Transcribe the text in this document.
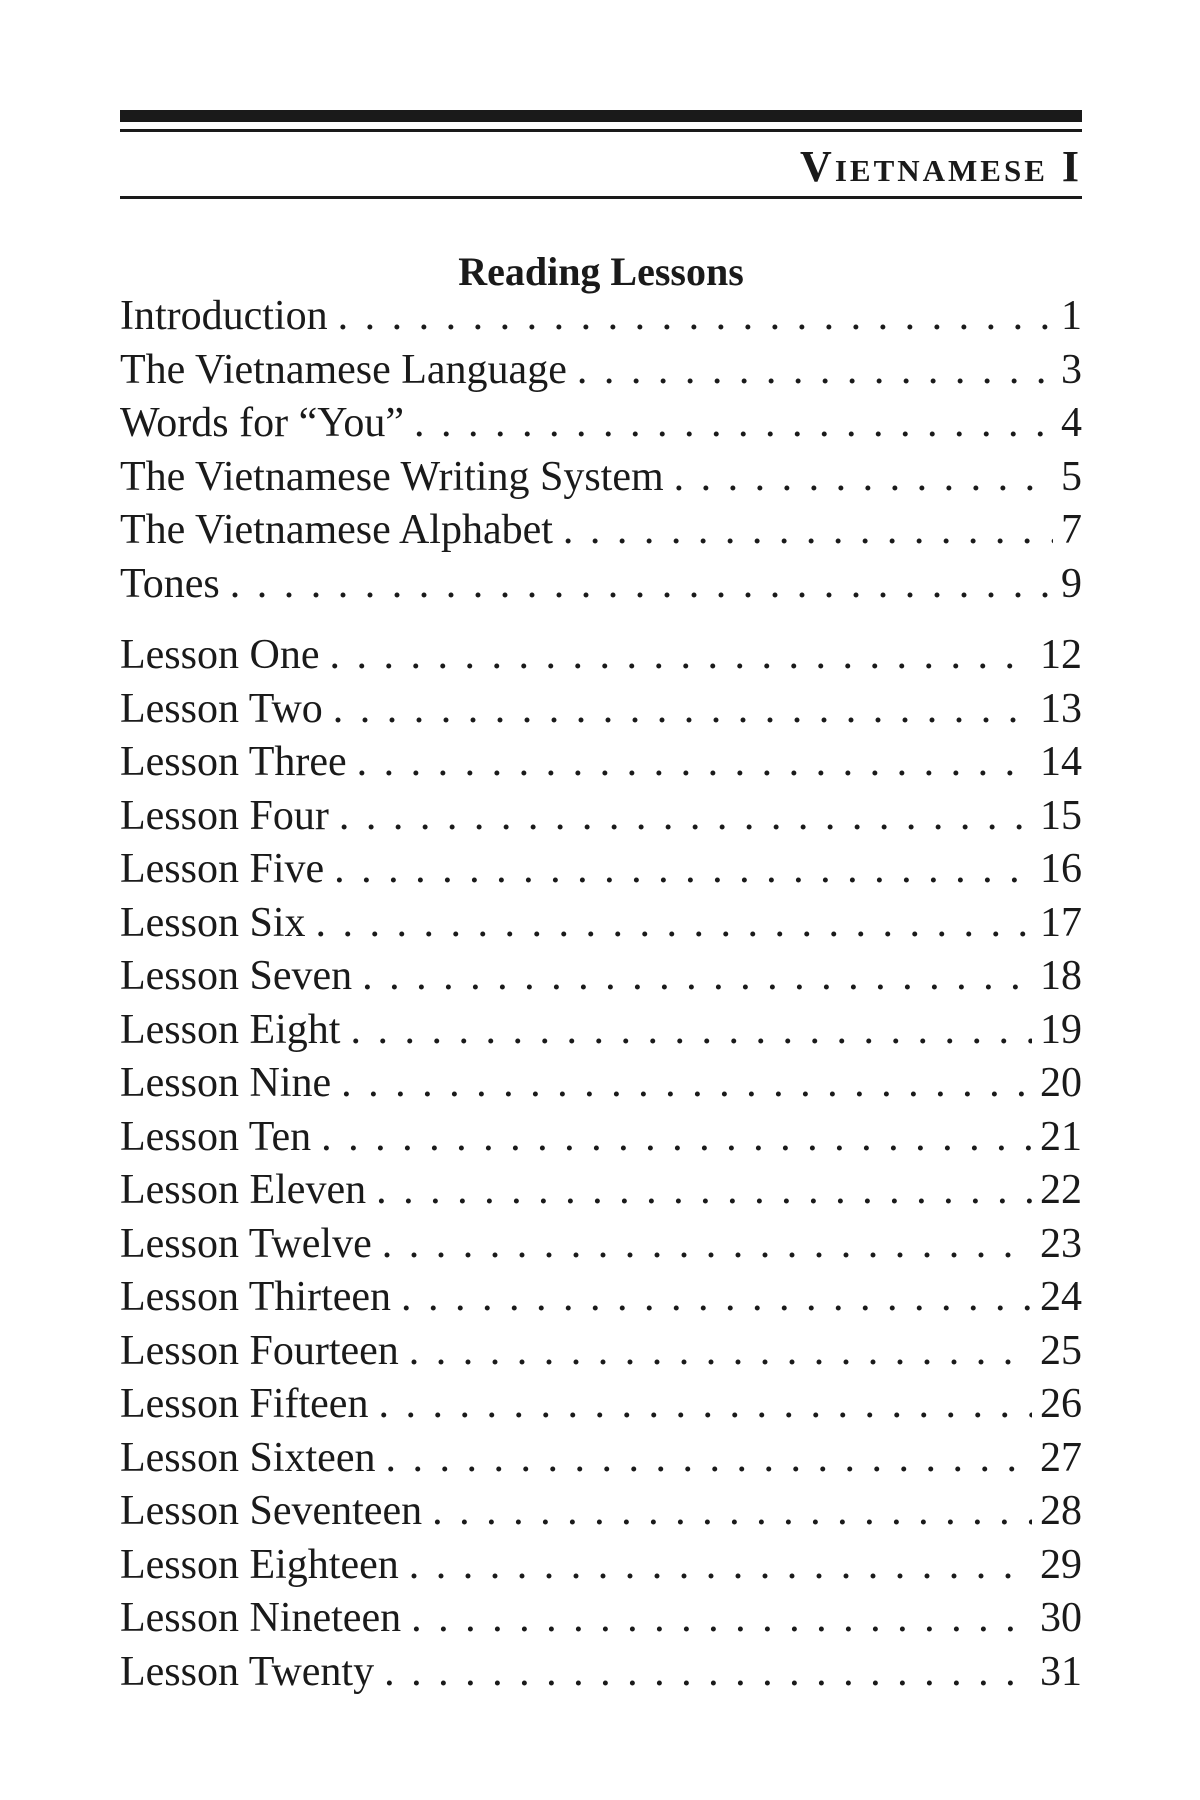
Vietnamese I
Reading Lessons
Introduction . . .	1
The Vietnamese Language . . .	3
Words for “You” . . .	4
The Vietnamese Writing System . . .	5
The Vietnamese Alphabet . . .	7
Tones . . .	9
Lesson One . . .	12
Lesson Two . . .	13
Lesson Three . . .	14
Lesson Four . . .	15
Lesson Five . . .	16
Lesson Six . . .	17
Lesson Seven . . .	18
Lesson Eight . . .	19
Lesson Nine . . .	20
Lesson Ten . . .	21
Lesson Eleven . . .	22
Lesson Twelve . . .	23
Lesson Thirteen . . .	24
Lesson Fourteen . . .	25
Lesson Fifteen . . .	26
Lesson Sixteen . . .	27
Lesson Seventeen . . .	28
Lesson Eighteen . . .	29
Lesson Nineteen . . .	30
Lesson Twenty . . .	31
